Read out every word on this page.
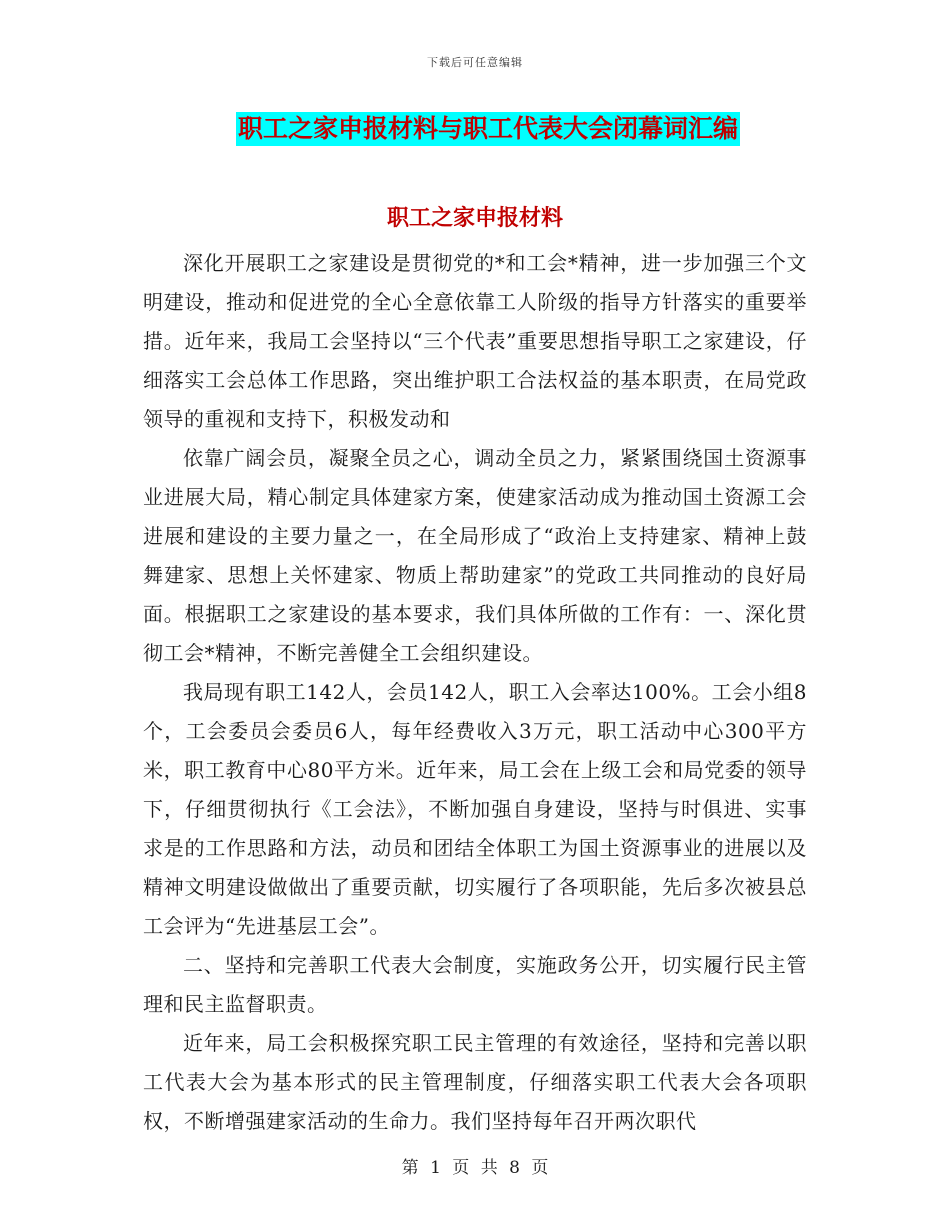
下载后可任意编辑
职工之家申报材料与职工代表大会闭幕词汇编
职工之家申报材料

深化开展职工之家建设是贯彻党的*和工会*精神，进一步加强三个文明建设，推动和促进党的全心全意依靠工人阶级的指导方针落实的重要举措。近年来，我局工会坚持以“三个代表”重要思想指导职工之家建设，仔细落实工会总体工作思路，突出维护职工合法权益的基本职责，在局党政领导的重视和支持下，积极发动和

依靠广阔会员，凝聚全员之心，调动全员之力，紧紧围绕国土资源事业进展大局，精心制定具体建家方案，使建家活动成为推动国土资源工会进展和建设的主要力量之一，在全局形成了“政治上支持建家、精神上鼓舞建家、思想上关怀建家、物质上帮助建家”的党政工共同推动的良好局面。根据职工之家建设的基本要求，我们具体所做的工作有：一、深化贯彻工会*精神，不断完善健全工会组织建设。

我局现有职工142人，会员142人，职工入会率达100%。工会小组8个，工会委员会委员6人，每年经费收入3万元，职工活动中心300平方米，职工教育中心80平方米。近年来，局工会在上级工会和局党委的领导下，仔细贯彻执行《工会法》，不断加强自身建设，坚持与时俱进、实事求是的工作思路和方法，动员和团结全体职工为国土资源事业的进展以及精神文明建设做做出了重要贡献，切实履行了各项职能，先后多次被县总工会评为“先进基层工会”。

二、坚持和完善职工代表大会制度，实施政务公开，切实履行民主管理和民主监督职责。

近年来，局工会积极探究职工民主管理的有效途径，坚持和完善以职工代表大会为基本形式的民主管理制度，仔细落实职工代表大会各项职权，不断增强建家活动的生命力。我们坚持每年召开两次职代

第 1 页 共 8 页
